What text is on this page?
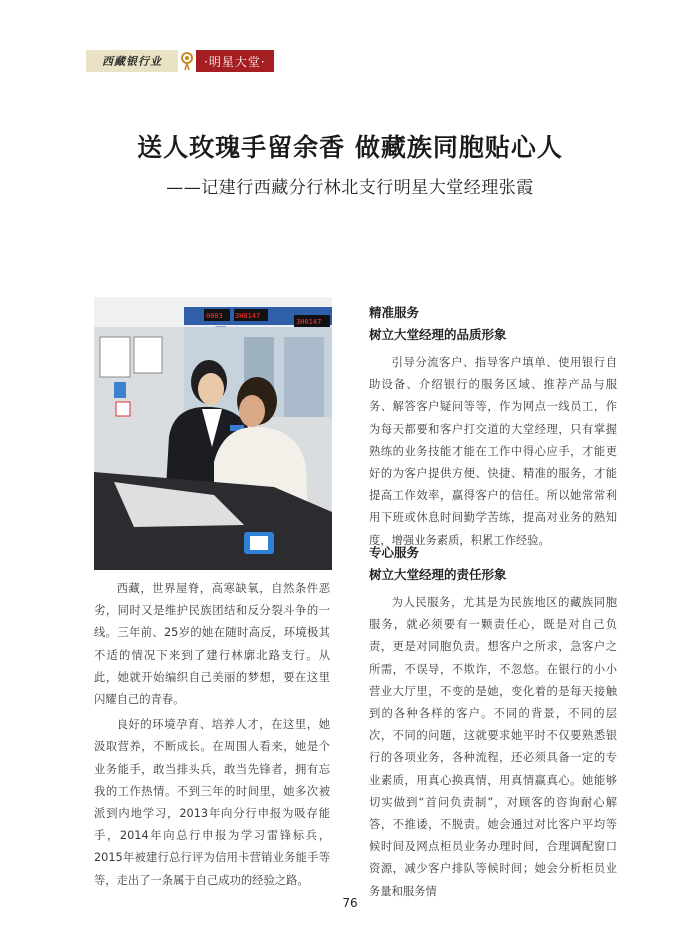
西藏银行业	·明星大堂·
送人玫瑰手留余香 做藏族同胞贴心人
——记建行西藏分行林北支行明星大堂经理张霞
0003 3H0147
3H0147

西藏，世界屋脊，高寒缺氧，自然条件恶劣，同时又是维护民族团结和反分裂斗争的一线。三年前、25岁的她在随时高反，环境极其不适的情况下来到了建行林廓北路支行。从此，她就开始编织自己美丽的梦想，要在这里闪耀自己的青春。

良好的环境孕育、培养人才，在这里，她汲取营养，不断成长。在周围人看来，她是个业务能手，敢当排头兵，敢当先锋者，拥有忘我的工作热情。不到三年的时间里，她多次被派到内地学习，2013年向分行申报为吸存能手，2014年向总行申报为学习雷锋标兵，2015年被建行总行评为信用卡营销业务能手等等，走出了一条属于自己成功的经验之路。

精准服务
树立大堂经理的品质形象

引导分流客户、指导客户填单、使用银行自助设备、介绍银行的服务区域、推荐产品与服务、解答客户疑问等等，作为网点一线员工，作为每天都要和客户打交道的大堂经理，只有掌握熟练的业务技能才能在工作中得心应手，才能更好的为客户提供方便、快捷、精准的服务，才能提高工作效率，赢得客户的信任。所以她常常利用下班或休息时间勤学苦练，提高对业务的熟知度，增强业务素质，积累工作经验。

专心服务
树立大堂经理的责任形象

为人民服务，尤其是为民族地区的藏族同胞服务，就必须要有一颗责任心，既是对自己负责，更是对同胞负责。想客户之所求，急客户之所需，不误导，不欺诈，不忽悠。在银行的小小营业大厅里，不变的是她，变化着的是每天接触到的各种各样的客户。不同的背景，不同的层次，不同的问题，这就要求她平时不仅要熟悉银行的各项业务，各种流程，还必须具备一定的专业素质，用真心换真情，用真情赢真心。她能够切实做到“首问负责制”，对顾客的咨询耐心解答，不推诿，不脱责。她会通过对比客户平均等候时间及网点柜员业务办理时间，合理调配窗口资源，减少客户排队等候时间；她会分析柜员业务量和服务情

76
